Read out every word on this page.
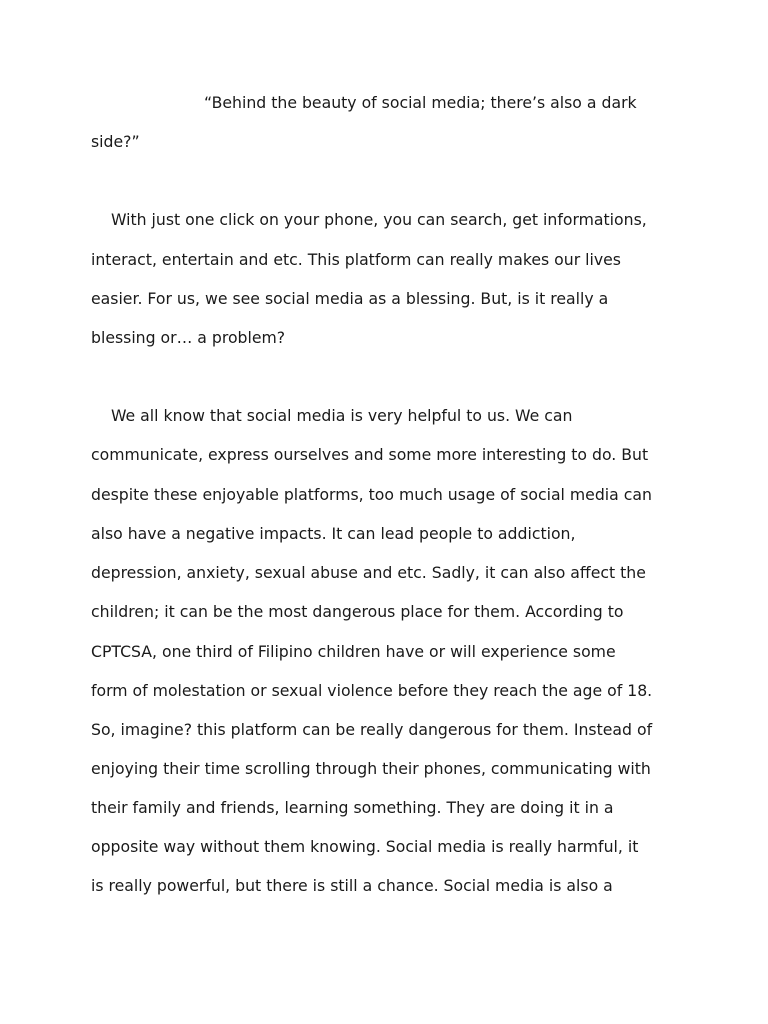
“Behind the beauty of social media; there’s also a dark

side?”

With just one click on your phone, you can search, get informations,

interact, entertain and etc. This platform can really makes our lives

easier. For us, we see social media as a blessing. But, is it really a

blessing or… a problem?

We all know that social media is very helpful to us. We can

communicate, express ourselves and some more interesting to do. But

despite these enjoyable platforms, too much usage of social media can

also have a negative impacts. It can lead people to addiction,

depression, anxiety, sexual abuse and etc. Sadly, it can also affect the

children; it can be the most dangerous place for them. According to

CPTCSA, one third of Filipino children have or will experience some

form of molestation or sexual violence before they reach the age of 18.

So, imagine? this platform can be really dangerous for them. Instead of

enjoying their time scrolling through their phones, communicating with

their family and friends, learning something. They are doing it in a

opposite way without them knowing. Social media is really harmful, it

is really powerful, but there is still a chance. Social media is also a
